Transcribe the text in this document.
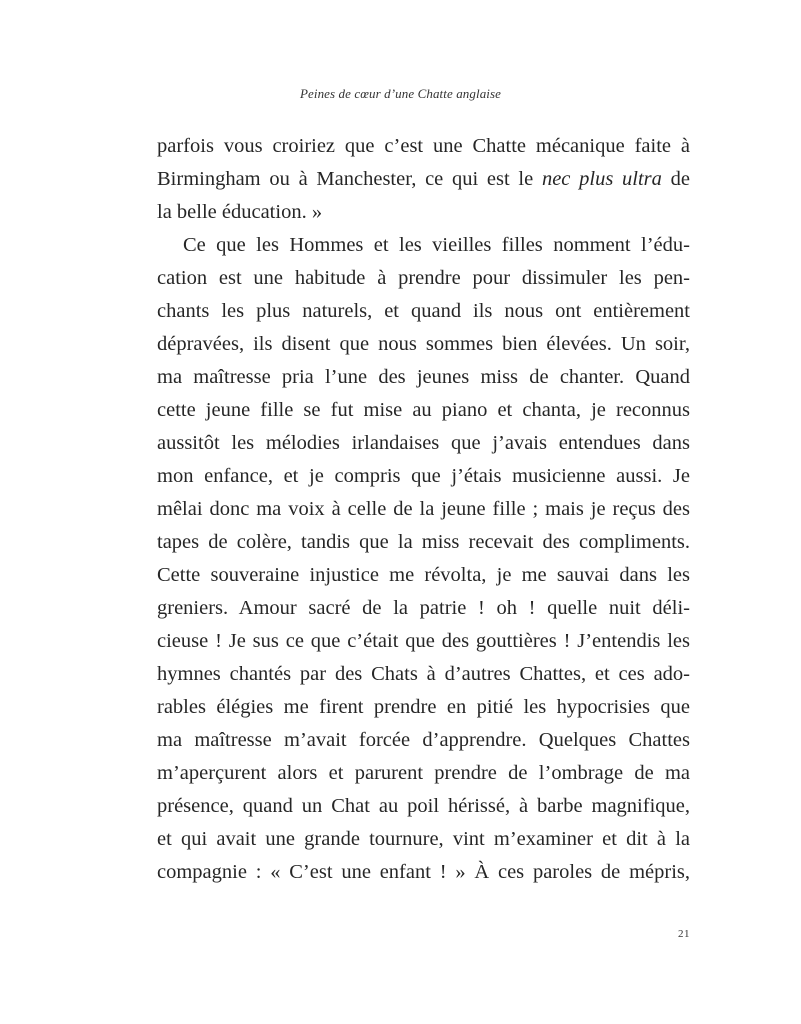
Peines de cœur d’une Chatte anglaise
parfois vous croiriez que c’est une Chatte mécanique faite à
Birmingham ou à Manchester, ce qui est le nec plus ultra de
la belle éducation. »
Ce que les Hommes et les vieilles filles nomment l’édu-
cation est une habitude à prendre pour dissimuler les pen-
chants les plus naturels, et quand ils nous ont entièrement
dépravées, ils disent que nous sommes bien élevées. Un soir,
ma maîtresse pria l’une des jeunes miss de chanter. Quand
cette jeune fille se fut mise au piano et chanta, je reconnus
aussitôt les mélodies irlandaises que j’avais entendues dans
mon enfance, et je compris que j’étais musicienne aussi. Je
mêlai donc ma voix à celle de la jeune fille ; mais je reçus des
tapes de colère, tandis que la miss recevait des compliments.
Cette souveraine injustice me révolta, je me sauvai dans les
greniers. Amour sacré de la patrie ! oh ! quelle nuit déli-
cieuse ! Je sus ce que c’était que des gouttières ! J’entendis les
hymnes chantés par des Chats à d’autres Chattes, et ces ado-
rables élégies me firent prendre en pitié les hypocrisies que
ma maîtresse m’avait forcée d’apprendre. Quelques Chattes
m’aperçurent alors et parurent prendre de l’ombrage de ma
présence, quand un Chat au poil hérissé, à barbe magnifique,
et qui avait une grande tournure, vint m’examiner et dit à la
compagnie : « C’est une enfant ! » À ces paroles de mépris,
21
